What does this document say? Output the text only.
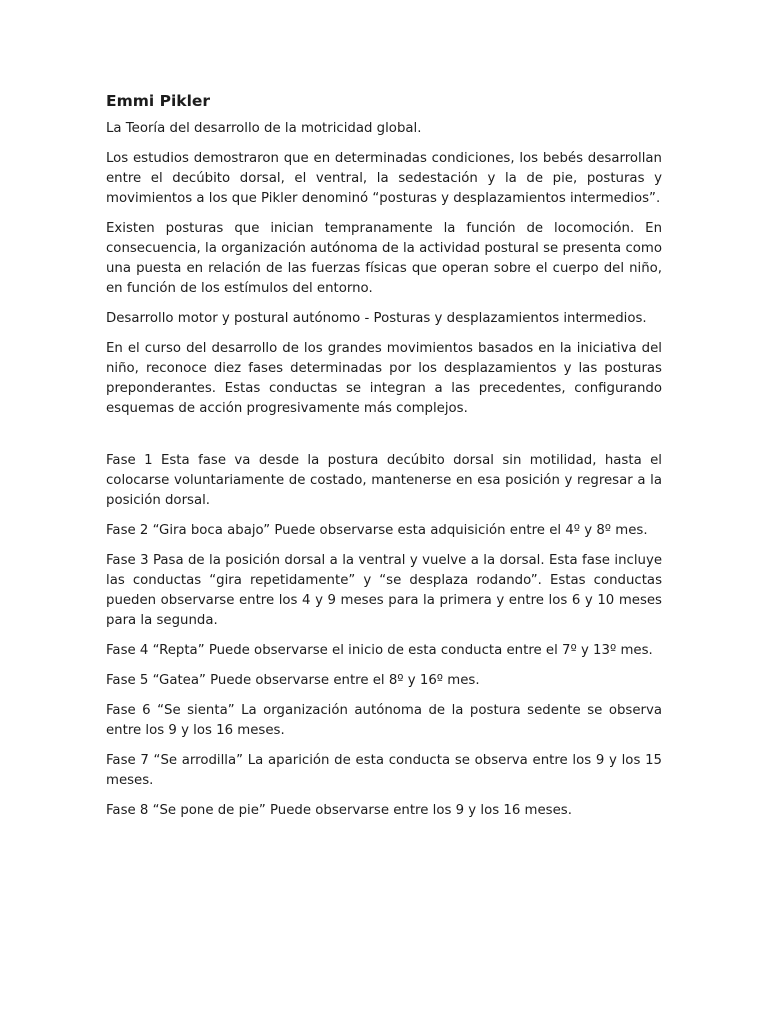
Emmi Pikler

La Teoría del desarrollo de la motricidad global.

Los estudios demostraron que en determinadas condiciones, los bebés desarrollan entre el decúbito dorsal, el ventral, la sedestación y la de pie, posturas y movimientos a los que Pikler denominó “posturas y desplazamientos intermedios”.

Existen posturas que inician tempranamente la función de locomoción. En consecuencia, la organización autónoma de la actividad postural se presenta como una puesta en relación de las fuerzas físicas que operan sobre el cuerpo del niño, en función de los estímulos del entorno.

Desarrollo motor y postural autónomo - Posturas y desplazamientos intermedios.

En el curso del desarrollo de los grandes movimientos basados en la iniciativa del niño, reconoce diez fases determinadas por los desplazamientos y las posturas preponderantes. Estas conductas se integran a las precedentes, configurando esquemas de acción progresivamente más complejos.

Fase 1 Esta fase va desde la postura decúbito dorsal sin motilidad, hasta el colocarse voluntariamente de costado, mantenerse en esa posición y regresar a la posición dorsal.

Fase 2 “Gira boca abajo” Puede observarse esta adquisición entre el 4º y 8º mes.

Fase 3 Pasa de la posición dorsal a la ventral y vuelve a la dorsal. Esta fase incluye las conductas “gira repetidamente” y “se desplaza rodando”. Estas conductas pueden observarse entre los 4 y 9 meses para la primera y entre los 6 y 10 meses para la segunda.

Fase 4 “Repta” Puede observarse el inicio de esta conducta entre el 7º y 13º mes.

Fase 5 “Gatea” Puede observarse entre el 8º y 16º mes.

Fase 6 “Se sienta” La organización autónoma de la postura sedente se observa entre los 9 y los 16 meses.

Fase 7 “Se arrodilla” La aparición de esta conducta se observa entre los 9 y los 15 meses.

Fase 8 “Se pone de pie” Puede observarse entre los 9 y los 16 meses.
